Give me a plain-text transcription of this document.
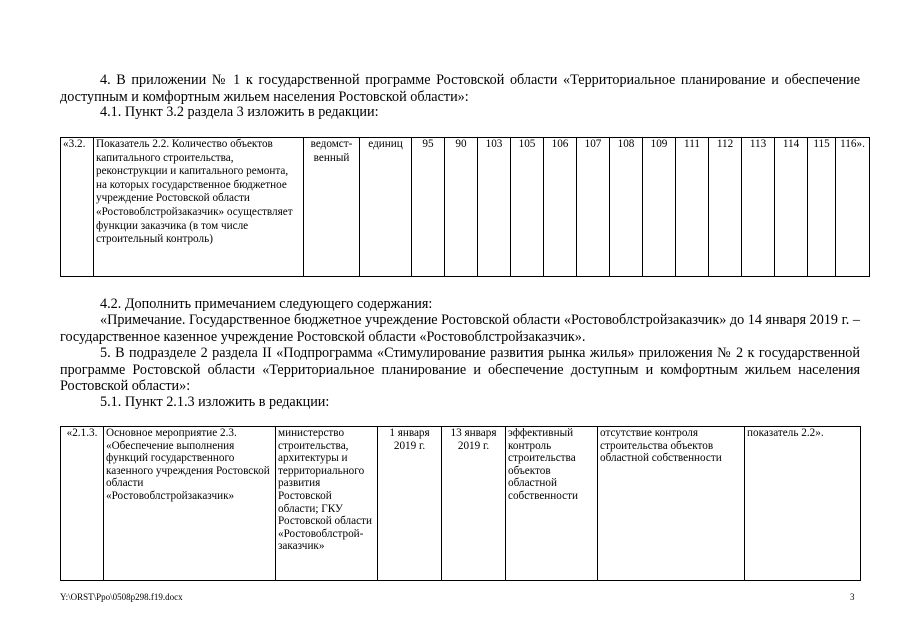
4. В приложении № 1 к государственной программе Ростовской области «Территориальное планирование и обеспечение доступным и комфортным жильем населения Ростовской области»:
4.1. Пункт 3.2 раздела 3 изложить в редакции:
«3.2.	Показатель 2.2. Количество объектов капитального строительства, реконструкции и капитального ремонта, на которых государственное бюджетное учреждение Ростовской области «Ростовоблстройзаказчик» осуществляет функции заказчика (в том числе строительный контроль)	ведомст-венный	единиц	95	90	103	105	106	107	108	109	111	112	113	114	115	116».
4.2. Дополнить примечанием следующего содержания:
«Примечание. Государственное бюджетное учреждение Ростовской области «Ростовоблстройзаказчик» до 14 января 2019 г. – государственное казенное учреждение Ростовской области «Ростовоблстройзаказчик».
5. В подразделе 2 раздела II «Подпрограмма «Стимулирование развития рынка жилья» приложения № 2 к государственной программе Ростовской области «Территориальное планирование и обеспечение доступным и комфортным жильем населения Ростовской области»:
5.1. Пункт 2.1.3 изложить в редакции:
«2.1.3.	Основное мероприятие 2.3. «Обеспечение выполнения функций государственного казенного учреждения Ростовской области «Ростовоблстройзаказчик»	министерство строительства, архитектуры и территориального развития Ростовской области; ГКУ Ростовской области «Ростовоблстрой-заказчик»	1 января 2019 г.	13 января 2019 г.	эффективный контроль строительства объектов областной собственности	отсутствие контроля строительства объектов областной собственности	показатель 2.2».
Y:\ORST\Ppo\0508p298.f19.docx	3
